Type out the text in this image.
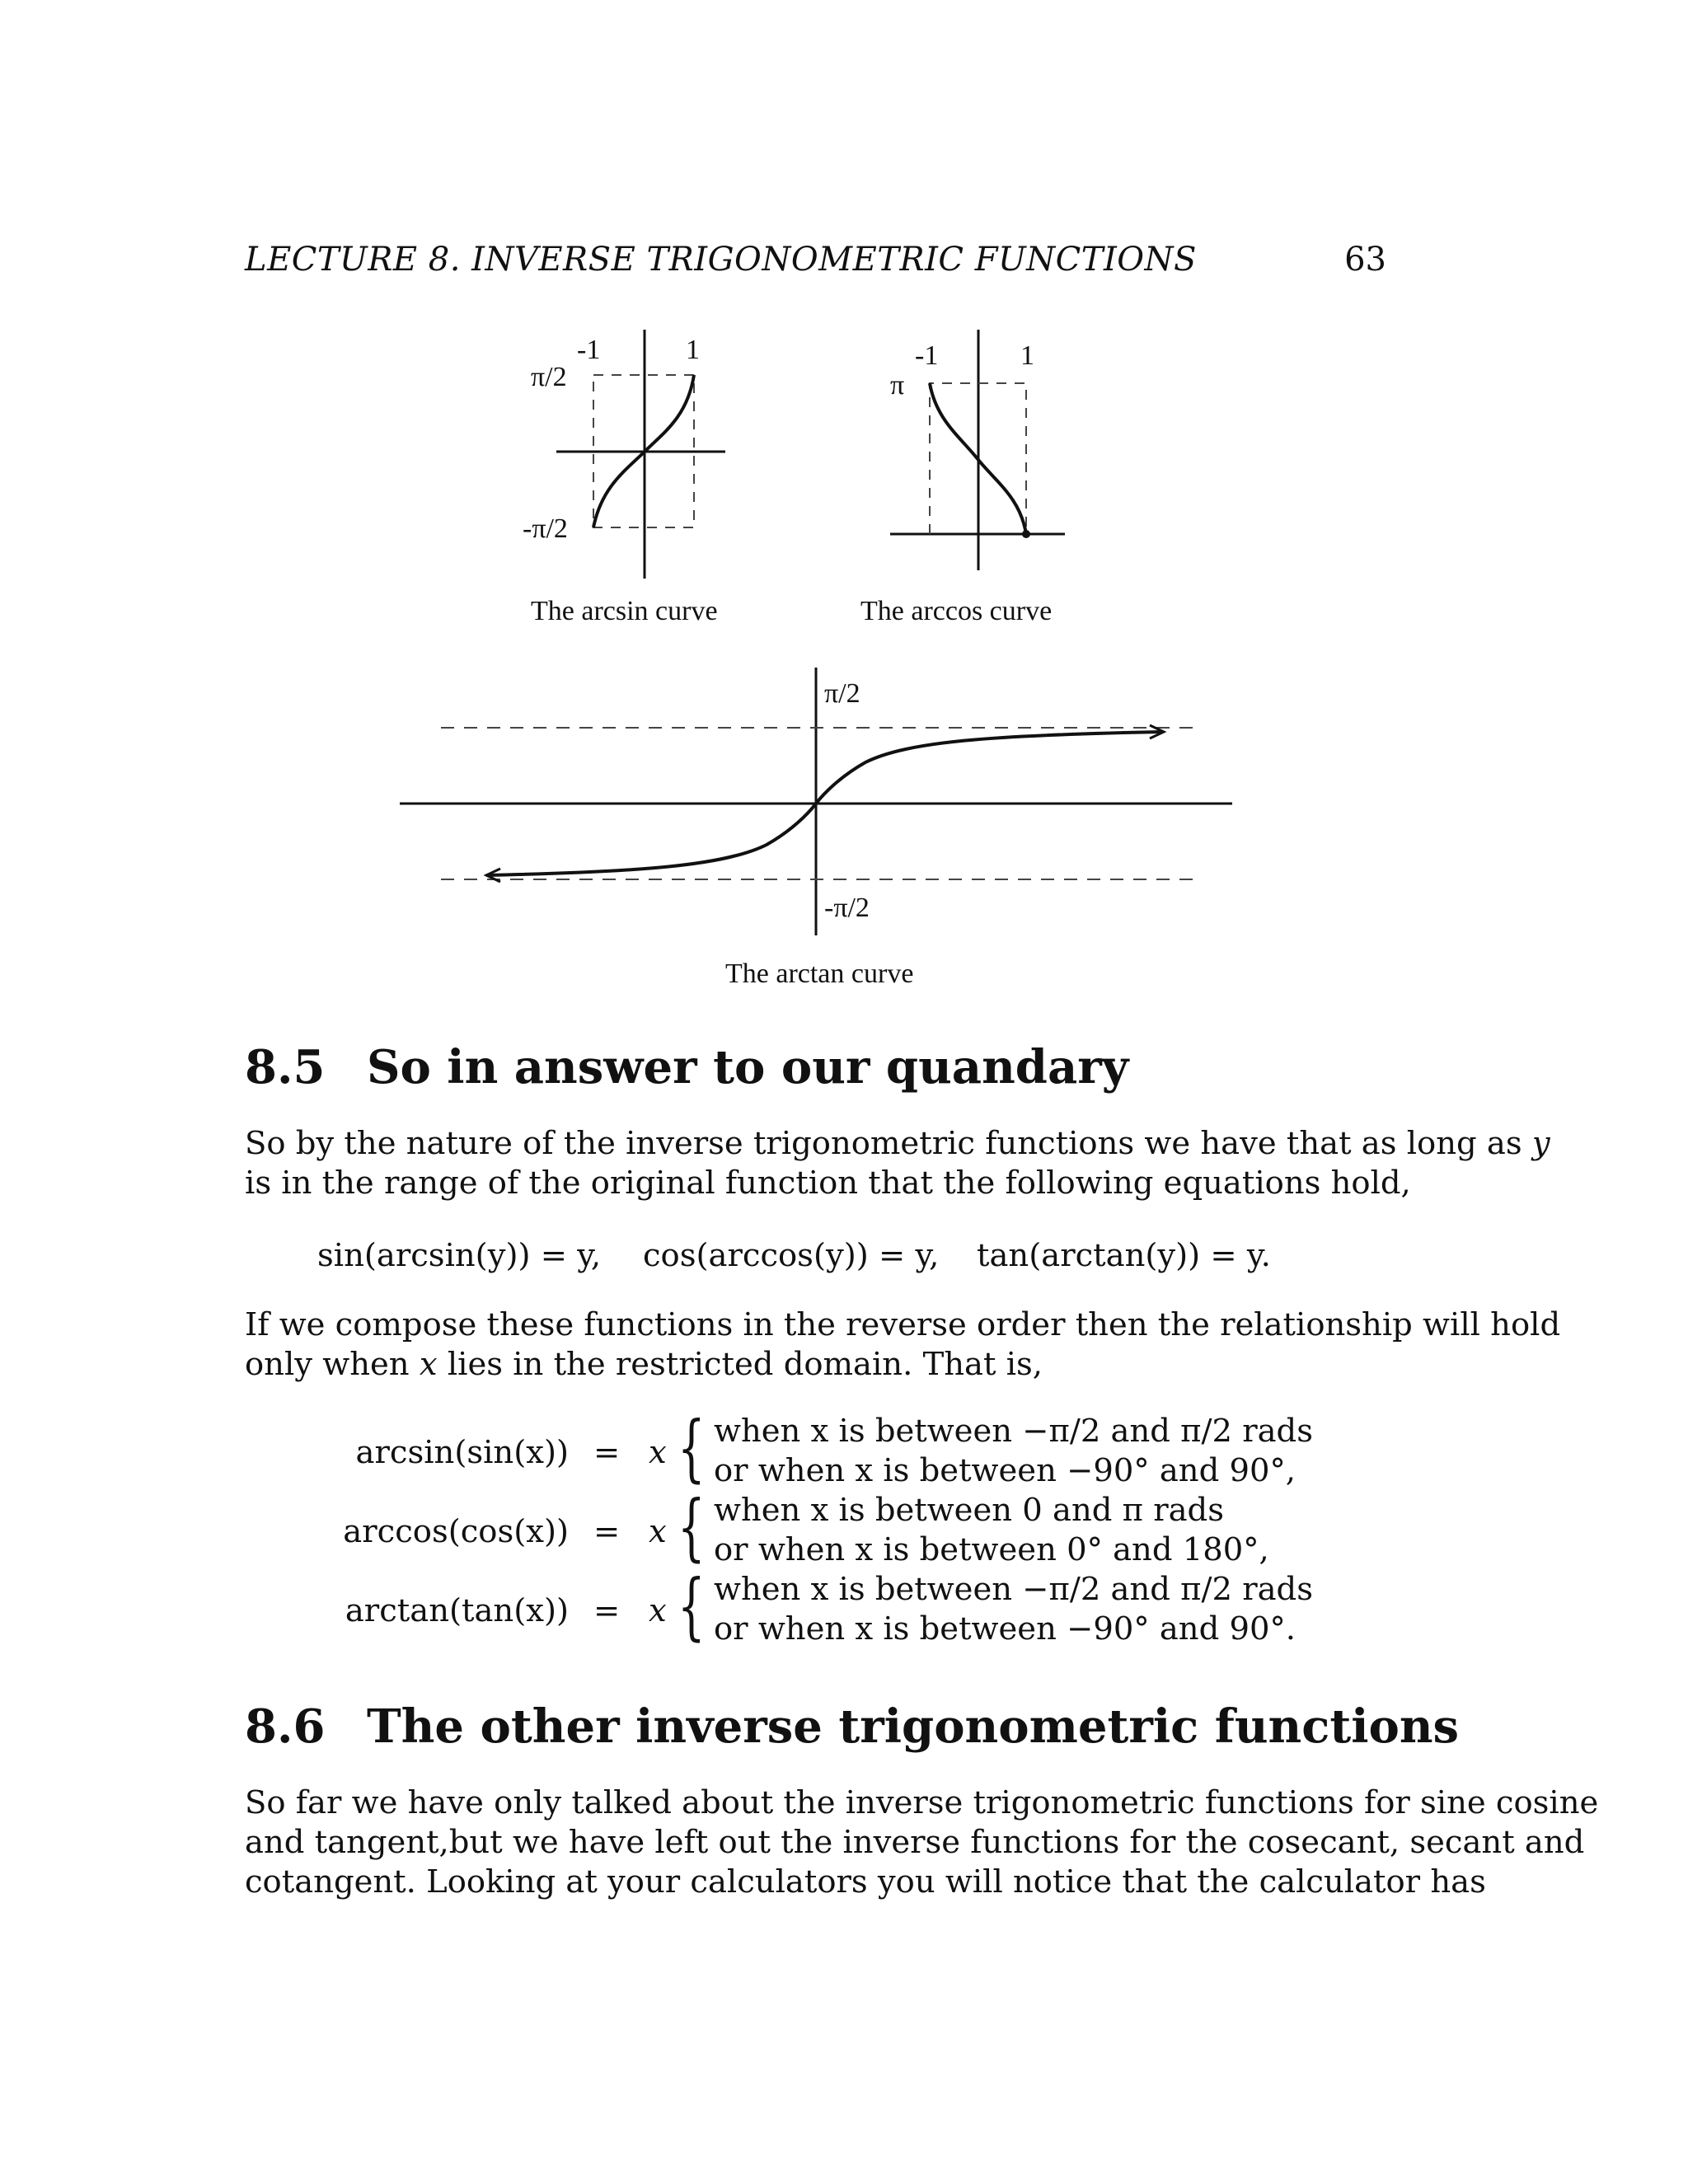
LECTURE 8. INVERSE TRIGONOMETRIC FUNCTIONS	63
-1	1
π/2
-π/2
The arcsin curve
-1	1
π
The arccos curve
π/2
-π/2
The arctan curve
8.5 So in answer to our quandary
So by the nature of the inverse trigonometric functions we have that as long as y
is in the range of the original function that the following equations hold,
sin(arcsin(y)) = y, cos(arccos(y)) = y, tan(arctan(y)) = y.
If we compose these functions in the reverse order then the relationship will hold
only when x lies in the restricted domain. That is,
arcsin(sin(x)) = x { when x is between −π/2 and π/2 rads
or when x is between −90° and 90°,
arccos(cos(x)) = x { when x is between 0 and π rads
or when x is between 0° and 180°,
arctan(tan(x)) = x { when x is between −π/2 and π/2 rads
or when x is between −90° and 90°.
8.6 The other inverse trigonometric functions
So far we have only talked about the inverse trigonometric functions for sine cosine
and tangent,but we have left out the inverse functions for the cosecant, secant and
cotangent. Looking at your calculators you will notice that the calculator has
